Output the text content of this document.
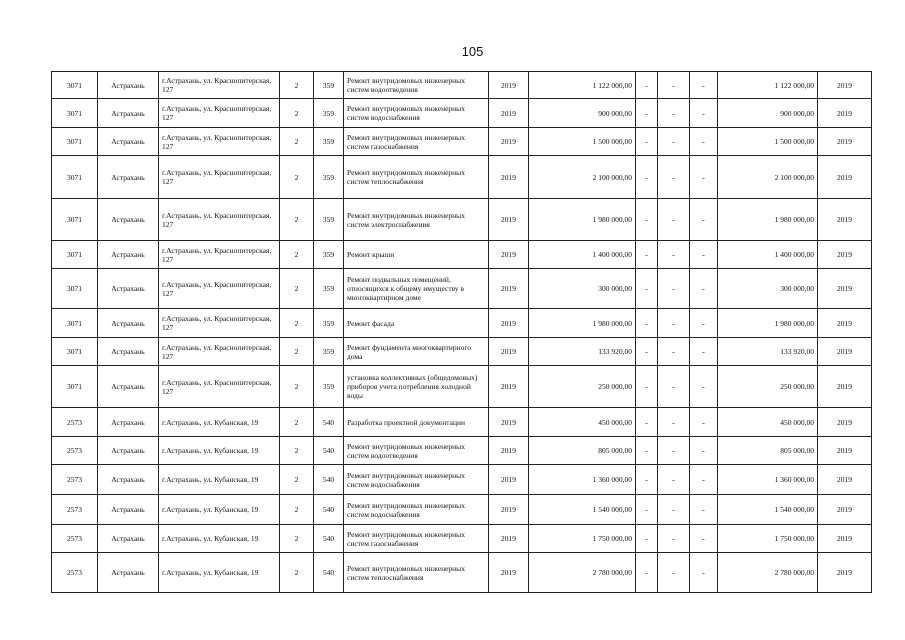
105
3071	Астрахань	г.Астрахань, ул. Краснопитерская, 127	2	359	Ремонт внутридомовых инженерных систем водоотведения	2019	1 122 000,00	-	-	-	1 122 000,00	2019
3071	Астрахань	г.Астрахань, ул. Краснопитерская, 127	2	359	Ремонт внутридомовых инженерных систем водоснабжения	2019	900 000,00	-	-	-	900 000,00	2019
3071	Астрахань	г.Астрахань, ул. Краснопитерская, 127	2	359	Ремонт внутридомовых инженерных систем газоснабжения	2019	1 500 000,00	-	-	-	1 500 000,00	2019
3071	Астрахань	г.Астрахань, ул. Краснопитерская, 127	2	359	Ремонт внутридомовых инженерных систем теплоснабжения	2019	2 100 000,00	-	-	-	2 100 000,00	2019
3071	Астрахань	г.Астрахань, ул. Краснопитерская, 127	2	359	Ремонт внутридомовых инженерных систем электроснабжения	2019	1 980 000,00	-	-	-	1 980 000,00	2019
3071	Астрахань	г.Астрахань, ул. Краснопитерская, 127	2	359	Ремонт крыши	2019	1 400 000,00	-	-	-	1 400 000,00	2019
3071	Астрахань	г.Астрахань, ул. Краснопитерская, 127	2	359	Ремонт подвальных помещений, относящихся к общему имуществу в многоквартирном доме	2019	300 000,00	-	-	-	300 000,00	2019
3071	Астрахань	г.Астрахань, ул. Краснопитерская, 127	2	359	Ремонт фасада	2019	1 980 000,00	-	-	-	1 980 000,00	2019
3071	Астрахань	г.Астрахань, ул. Краснопитерская, 127	2	359	Ремонт фундамента многоквартирного дома	2019	133 920,00	-	-	-	133 920,00	2019
3071	Астрахань	г.Астрахань, ул. Краснопитерская, 127	2	359	установка коллективных (общедомовых) приборов учета потребления холодной воды	2019	250 000,00	-	-	-	250 000,00	2019
2573	Астрахань	г.Астрахань, ул. Кубанская, 19	2	540	Разработка проектной документации	2019	450 000,00	-	-	-	450 000,00	2019
2573	Астрахань	г.Астрахань, ул. Кубанская, 19	2	540	Ремонт внутридомовых инженерных систем водоотведения	2019	805 000,00	-	-	-	805 000,00	2019
2573	Астрахань	г.Астрахань, ул. Кубанская, 19	2	540	Ремонт внутридомовых инженерных систем водоснабжения	2019	1 360 000,00	-	-	-	1 360 000,00	2019
2573	Астрахань	г.Астрахань, ул. Кубанская, 19	2	540	Ремонт внутридомовых инженерных систем водоснабжения	2019	1 540 000,00	-	-	-	1 540 000,00	2019
2573	Астрахань	г.Астрахань, ул. Кубанская, 19	2	540	Ремонт внутридомовых инженерных систем газоснабжения	2019	1 750 000,00	-	-	-	1 750 000,00	2019
2573	Астрахань	г.Астрахань, ул. Кубанская, 19	2	540	Ремонт внутридомовых инженерных систем теплоснабжения	2019	2 780 000,00	-	-	-	2 780 000,00	2019
